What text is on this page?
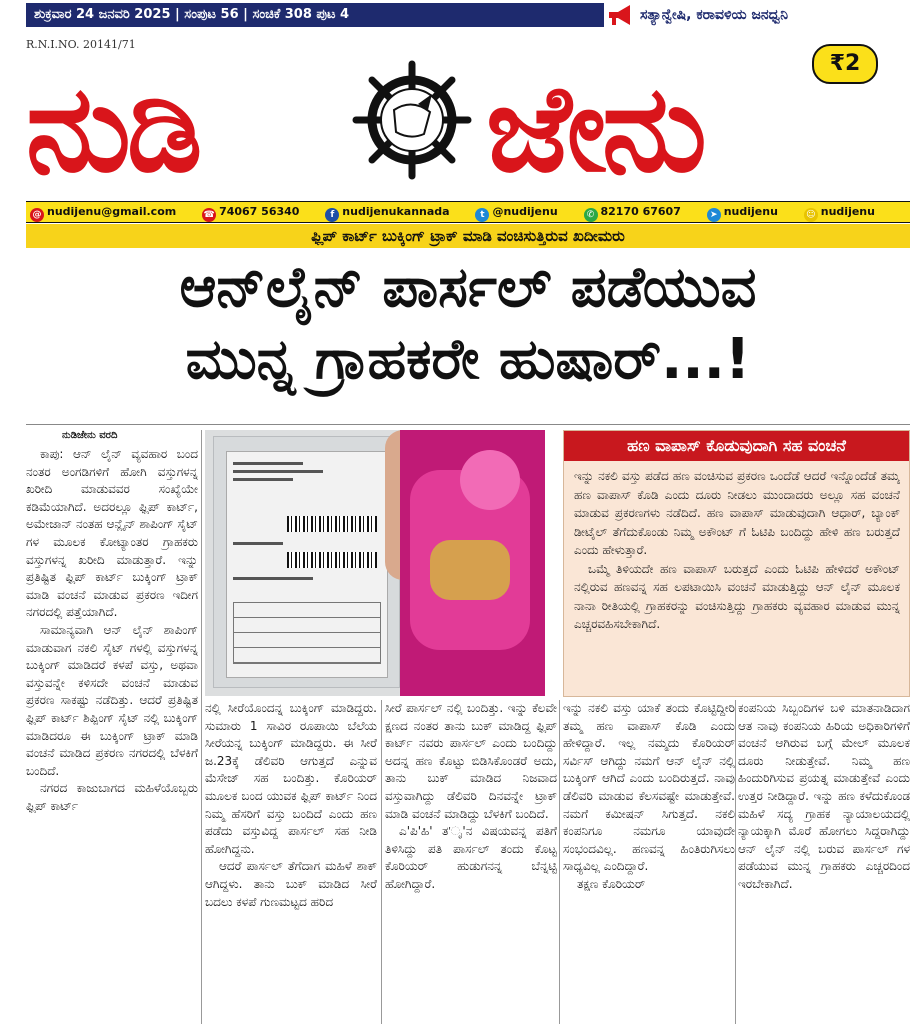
ಶುಕ್ರವಾರ 24 ಜನವರಿ 2025 | ಸಂಪುಟ 56 | ಸಂಚಿಕೆ 308 ಪುಟ 4	ಸತ್ಯಾನ್ವೇಷಿ, ಕರಾವಳಿಯ ಜನಧ್ವನಿ
R.N.I.NO. 20141/71
ನುಡಿ ಜೇನು	₹2
@ nudijenu@gmail.com	☎ 74067 56340	f nudijenukannada	t @nudijenu	✆ 82170 67607	➤ nudijenu	☺ nudijenu
ಫ್ಲಿಪ್ ಕಾರ್ಟ್ ಬುಕ್ಕಿಂಗ್ ಟ್ರಾಕ್ ಮಾಡಿ ವಂಚಿಸುತ್ತಿರುವ ಖದೀಮರು
ಆನ್‌ಲೈನ್ ಪಾರ್ಸಲ್ ಪಡೆಯುವ
ಮುನ್ನ ಗ್ರಾಹಕರೇ ಹುಷಾರ್...!
ನುಡಿಜೇನು ವರದಿ
ಕಾಪು: ಆನ್ ಲೈನ್ ವ್ಯವಹಾರ ಬಂದ ನಂತರ ಅಂಗಡಿಗಳಿಗೆ ಹೋಗಿ ವಸ್ತುಗಳನ್ನ ಖರೀದಿ ಮಾಡುವವರ ಸಂಖ್ಯೆಯೇ ಕಡಿಮೆಯಾಗಿದೆ. ಅದರಲ್ಲೂ ಫ್ಲಿಪ್ ಕಾರ್ಟ್, ಅಮೇಜಾನ್ ನಂತಹ ಆನ್ಲೈನ್ ಶಾಪಿಂಗ್ ಸೈಟ್ ಗಳ ಮೂಲಕ ಕೋಟ್ಯಾಂತರ ಗ್ರಾಹಕರು ವಸ್ತುಗಳನ್ನ ಖರೀದಿ ಮಾಡುತ್ತಾರೆ. ಇನ್ನು ಪ್ರತಿಷ್ಟಿತ ಫ್ಲಿಪ್ ಕಾರ್ಟ್ ಬುಕ್ಕಿಂಗ್ ಟ್ರಾಕ್ ಮಾಡಿ ವಂಚನೆ ಮಾಡುವ ಪ್ರಕರಣ ಇದೀಗ ನಗರದಲ್ಲಿ ಪತ್ತೆಯಾಗಿದೆ.
ಸಾಮಾನ್ಯವಾಗಿ ಆನ್ ಲೈನ್ ಶಾಪಿಂಗ್ ಮಾಡುವಾಗ ನಕಲಿ ಸೈಟ್ ಗಳಲ್ಲಿ ವಸ್ತುಗಳನ್ನ ಬುಕ್ಕಿಂಗ್ ಮಾಡಿದರೆ ಕಳಪೆ ವಸ್ತು, ಅಥವಾ ವಸ್ತುವನ್ನೇ ಕಳಿಸದೇ ವಂಚನೆ ಮಾಡುವ ಪ್ರಕರಣ ಸಾಕಷ್ಟು ನಡೆದಿತ್ತು. ಆದರೆ ಪ್ರತಿಷ್ಟಿತ ಫ್ಲಿಪ್ ಕಾರ್ಟ್ ಶಿಪ್ಪಿಂಗ್ ಸೈಟ್ ನಲ್ಲಿ ಬುಕ್ಕಿಂಗ್ ಮಾಡಿದರೂ ಈ ಬುಕ್ಕಿಂಗ್ ಟ್ರಾಕ್ ಮಾಡಿ ವಂಚನೆ ಮಾಡಿದ ಪ್ರಕರಣ ನಗರದಲ್ಲಿ ಬೆಳಕಿಗೆ ಬಂದಿದೆ.
ನಗರದ ಕಾಜುಬಾಗದ ಮಹಿಳೆಯೊಬ್ಬರು ಫ್ಲಿಪ್ ಕಾರ್ಟ್
ನಲ್ಲಿ ಸೀರೆಯೊಂದನ್ನ ಬುಕ್ಕಿಂಗ್ ಮಾಡಿದ್ದರು. ಸುಮಾರು 1 ಸಾವಿರ ರೂಪಾಯಿ ಬೆಲೆಯ ಸೀರೆಯನ್ನ ಬುಕ್ಕಿಂಗ್ ಮಾಡಿದ್ದರು. ಈ ಸೀರೆ ಜ.23ಕ್ಕೆ ಡೆಲಿವರಿ ಆಗುತ್ತದೆ ಎನ್ನುವ ಮೆಸೇಜ್ ಸಹ ಬಂದಿತ್ತು. ಕೊರಿಯರ್ ಮೂಲಕ ಬಂದ ಯುವಕ ಫ್ಲಿಪ್ ಕಾರ್ಟ್ ನಿಂದ ನಿಮ್ಮ ಹೆಸರಿಗೆ ವಸ್ತು ಬಂದಿದೆ ಎಂದು ಹಣ ಪಡೆದು ವಸ್ತುವಿದ್ದ ಪಾರ್ಸಲ್ ಸಹ ನೀಡಿ ಹೋಗಿದ್ದನು.
ಆದರೆ ಪಾರ್ಸಲ್ ತೆಗೆದಾಗ ಮಹಿಳೆ ಶಾಕ್ ಆಗಿದ್ದಳು. ತಾನು ಬುಕ್ ಮಾಡಿದ ಸೀರೆ ಬದಲು ಕಳಪೆ ಗುಣಮಟ್ಟದ ಹರಿದ
ಸೀರೆ ಪಾರ್ಸಲ್ ನಲ್ಲಿ ಬಂದಿತ್ತು. ಇನ್ನು ಕೆಲವೇ ಕ್ಷಣದ ನಂತರ ತಾನು ಬುಕ್ ಮಾಡಿದ್ದ ಫ್ಲಿಪ್ ಕಾರ್ಟ್ ನವರು ಪಾರ್ಸಲ್ ಎಂದು ಬಂದಿದ್ದು ಅದನ್ನ ಹಣ ಕೊಟ್ಟು ಬಿಡಿಸಿಕೊಂಡರೆ ಅದು, ತಾನು ಬುಕ್ ಮಾಡಿದ ನಿಜವಾದ ವಸ್ತುವಾಗಿದ್ದು ಡೆಲಿವರಿ ದಿನವನ್ನೇ ಟ್ರಾಕ್ ಮಾಡಿ ವಂಚನೆ ಮಾಡಿದ್ದು ಬೆಳಕಿಗೆ ಬಂದಿದೆ.
ಎ'ಪಿ'ಹಿ' ತ'ೃ'ನ ವಿಷಯವನ್ನ ಪತಿಗೆ ತಿಳಿಸಿದ್ದು ಪತಿ ಪಾರ್ಸಲ್ ತಂದು ಕೊಟ್ಟ ಕೊರಿಯರ್ ಹುಡುಗನನ್ನ ಬೆನ್ನಟ್ಟಿ ಹೋಗಿದ್ದಾರೆ.
ಹಣ ವಾಪಾಸ್ ಕೊಡುವುದಾಗಿ ಸಹ ವಂಚನೆ
ಇನ್ನು ನಕಲಿ ವಸ್ತು ಪಡೆದ ಹಣ ವಂಚಿಸುವ ಪ್ರಕರಣ ಒಂದೆಡೆ ಆದರೆ ಇನ್ನೊಂದೆಡೆ ತಮ್ಮ ಹಣ ವಾಪಾಸ್ ಕೊಡಿ ಎಂದು ದೂರು ನೀಡಲು ಮುಂದಾದರು ಅಲ್ಲೂ ಸಹ ವಂಚನೆ ಮಾಡುವ ಪ್ರಕರಣಗಳು ನಡೆದಿದೆ. ಹಣ ವಾಪಾಸ್ ಮಾಡುವುದಾಗಿ ಆಧಾರ್, ಬ್ಯಾಂಕ್ ಡೀಟೈಲ್ ತೆಗೆದುಕೊಂಡು ನಿಮ್ಮ ಅಕೌಂಟ್ ಗೆ ಓಟಿಪಿ ಬಂದಿದ್ದು ಹೇಳಿ ಹಣ ಬರುತ್ತದೆ ಎಂದು ಹೇಳುತ್ತಾರೆ.
ಒಮ್ಮೆ ತಿಳಿಯದೇ ಹಣ ವಾಪಾಸ್ ಬರುತ್ತದೆ ಎಂದು ಓಟಿಪಿ ಹೇಳಿದರೆ ಅಕೌಂಟ್ ನಲ್ಲಿರುವ ಹಣವನ್ನ ಸಹ ಲಪಟಾಯಿಸಿ ವಂಚನೆ ಮಾಡುತ್ತಿದ್ದು ಆನ್ ಲೈನ್ ಮೂಲಕ ನಾನಾ ರೀತಿಯಲ್ಲಿ ಗ್ರಾಹಕರನ್ನು ವಂಚಿಸುತ್ತಿದ್ದು ಗ್ರಾಹಕರು ವ್ಯವಹಾರ ಮಾಡುವ ಮುನ್ನ ಎಚ್ಚರವಹಿಸಬೇಕಾಗಿದೆ.
ಇನ್ನು ನಕಲಿ ವಸ್ತು ಯಾಕೆ ತಂದು ಕೊಟ್ಟಿದ್ದೀರಿ ತಮ್ಮ ಹಣ ವಾಪಾಸ್ ಕೊಡಿ ಎಂದು ಹೇಳಿದ್ದಾರೆ. ಇಲ್ಲ ನಮ್ಮದು ಕೊರಿಯರ್ ಸರ್ವಿಸ್ ಆಗಿದ್ದು ನಮಗೆ ಆನ್ ಲೈನ್ ನಲ್ಲಿ ಬುಕ್ಕಿಂಗ್ ಆಗಿದೆ ಎಂದು ಬಂದಿರುತ್ತದೆ. ನಾವು ಡೆಲಿವರಿ ಮಾಡುವ ಕೆಲಸವಷ್ಟೇ ಮಾಡುತ್ತೇವೆ. ನಮಗೆ ಕಮೀಷನ್ ಸಿಗುತ್ತದೆ. ನಕಲಿ ಕಂಪನಿಗೂ ನಮಗೂ ಯಾವುದೇ ಸಂಭಂದವಿಲ್ಲ. ಹಣವನ್ನ ಹಿಂತಿರುಗಿಸಲು ಸಾಧ್ಯವಿಲ್ಲ ಎಂದಿದ್ದಾರೆ.
ತಕ್ಷಣ ಕೊರಿಯರ್
ಕಂಪನಿಯ ಸಿಬ್ಬಂದಿಗಳ ಬಳಿ ಮಾತನಾಡಿದಾಗ ಆತ ನಾವು ಕಂಪನಿಯ ಹಿರಿಯ ಅಧಿಕಾರಿಗಳಿಗೆ ವಂಚನೆ ಆಗಿರುವ ಬಗ್ಗೆ ಮೇಲ್ ಮೂಲಕ ದೂರು ನೀಡುತ್ತೇವೆ. ನಿಮ್ಮ ಹಣ ಹಿಂದುರಿಗಿಸುವ ಪ್ರಯತ್ನ ಮಾಡುತ್ತೇವೆ ಎಂದು ಉತ್ತರ ನೀಡಿದ್ದಾರೆ. ಇನ್ನು ಹಣ ಕಳೆದುಕೊಂಡ ಮಹಿಳೆ ಸದ್ಯ ಗ್ರಾಹಕ ನ್ಯಾಯಾಲಯದಲ್ಲಿ ನ್ಯಾಯಕ್ಕಾಗಿ ಮೊರೆ ಹೋಗಲು ಸಿದ್ದರಾಗಿದ್ದು ಆನ್ ಲೈನ್ ನಲ್ಲಿ ಬರುವ ಪಾರ್ಸಲ್ ಗಳ ಪಡೆಯುವ ಮುನ್ನ ಗ್ರಾಹಕರು ಎಚ್ಚರದಿಂದ ಇರಬೇಕಾಗಿದೆ.
